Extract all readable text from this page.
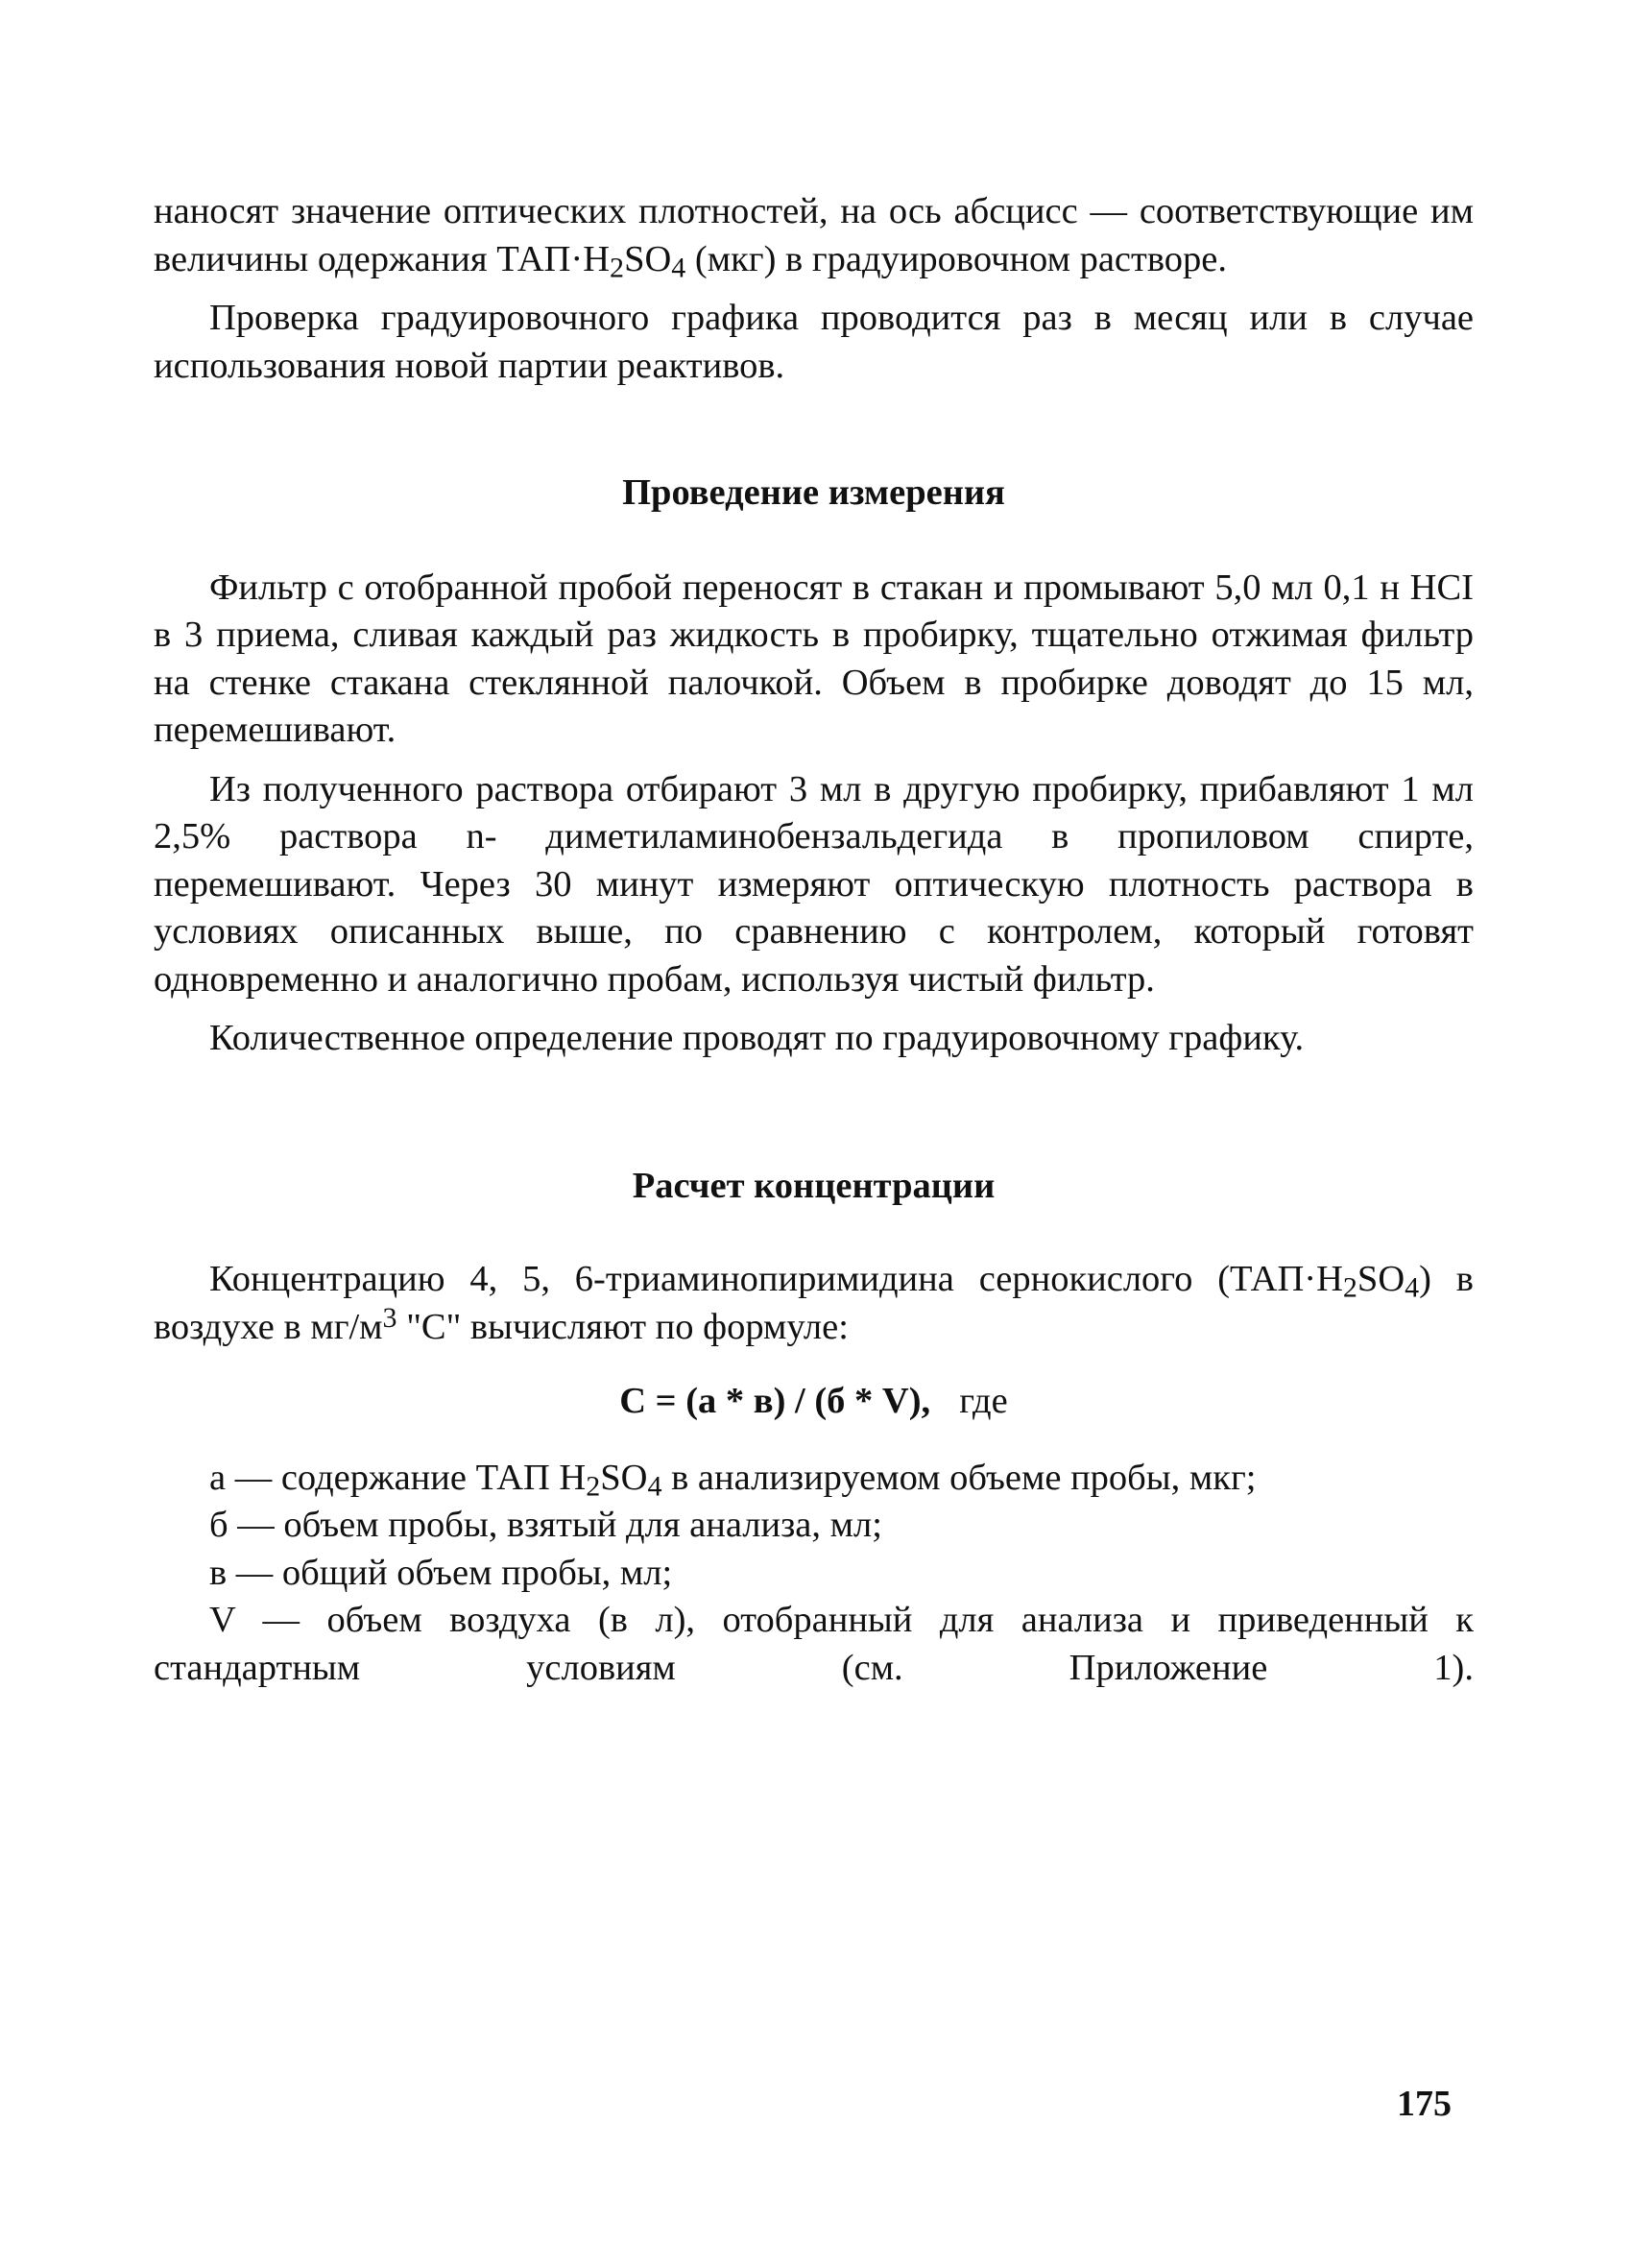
наносят значение оптических плотностей, на ось абсцисс — соответствующие им величины одержания $ТАП\cdot H_2SO_4$ (мкг) в градуировочном растворе.

Проверка градуировочного графика проводится раз в месяц или в случае использования новой партии реактивов.

Проведение измерения

Фильтр с отобранной пробой переносят в стакан и промывают 5,0 мл 0,1 н HCI в 3 приема, сливая каждый раз жидкость в пробирку, тщательно отжимая фильтр на стенке стакана стеклянной палочкой. Объем в пробирке доводят до 15 мл, перемешивают.

Из полученного раствора отбирают 3 мл в другую пробирку, прибавляют 1 мл 2,5% раствора n- диметиламинобензальдегида в пропиловом спирте, перемешивают. Через 30 минут измеряют оптическую плотность раствора в условиях описанных выше, по сравнению с контролем, который готовят одновременно и аналогично пробам, используя чистый фильтр.

Количественное определение проводят по градуировочному графику.

Расчет концентрации

Концентрацию 4, 5, 6-триаминопиримидина сернокислого $(ТАП\cdot H_2SO_4)$ в воздухе в $мг/м^3$ "С" вычисляют по формуле:

С = (а * в) / (б * V), где

а — содержание ТАП $H_2SO_4$ в анализируемом объеме пробы, мкг;

б — объем пробы, взятый для анализа, мл;

в — общий объем пробы, мл;

V — объем воздуха (в л), отобранный для анализа и приведенный к стандартным условиям (см. Приложение 1).

175
